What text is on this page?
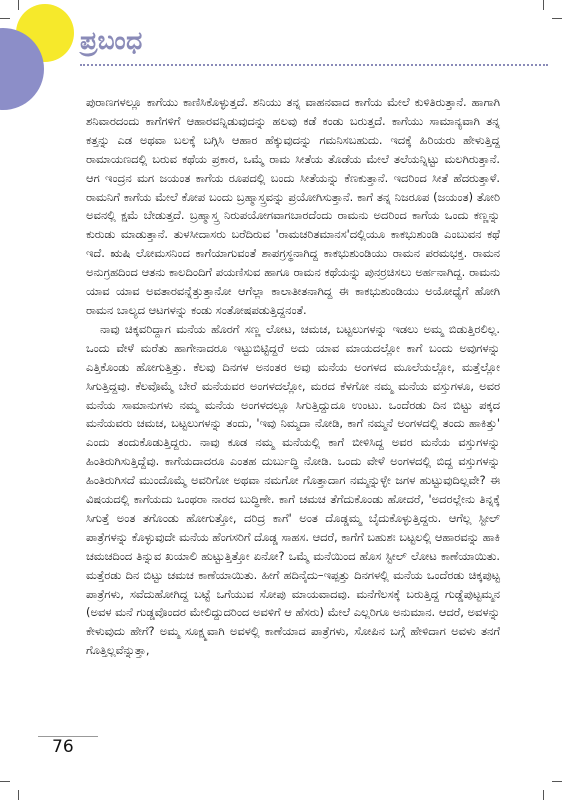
ಪ್ರಬಂಧ

ಪುರಾಣಗಳಲ್ಲೂ ಕಾಗೆಯು ಕಾಣಿಸಿಕೊಳ್ಳುತ್ತದೆ. ಶನಿಯು ತನ್ನ ವಾಹನವಾದ ಕಾಗೆಯ ಮೇಲೆ ಕುಳಿತಿರುತ್ತಾನೆ. ಹಾಗಾಗಿ ಶನಿವಾರದಂದು ಕಾಗೆಗಳಿಗೆ ಆಹಾರವನ್ನಿಡುವುದನ್ನು ಹಲವು ಕಡೆ ಕಂಡು ಬರುತ್ತದೆ. ಕಾಗೆಯು ಸಾಮಾನ್ಯವಾಗಿ ತನ್ನ ಕತ್ತನ್ನು ಎಡ ಅಥವಾ ಬಲಕ್ಕೆ ಬಗ್ಗಿಸಿ ಆಹಾರ ಹೆಕ್ಕುವುದನ್ನು ಗಮನಿಸಬಹುದು. ಇದಕ್ಕೆ ಹಿರಿಯರು ಹೇಳುತ್ತಿದ್ದ ರಾಮಾಯಣದಲ್ಲಿ ಬರುವ ಕಥೆಯ ಪ್ರಕಾರ, ಒಮ್ಮೆ ರಾಮ ಸೀತೆಯ ತೊಡೆಯ ಮೇಲೆ ತಲೆಯನ್ನಿಟ್ಟು ಮಲಗಿರುತ್ತಾನೆ. ಆಗ ಇಂದ್ರನ ಮಗ ಜಯಂತ ಕಾಗೆಯ ರೂಪದಲ್ಲಿ ಬಂದು ಸೀತೆಯನ್ನು ಕೆಣಕುತ್ತಾನೆ. ಇದರಿಂದ ಸೀತೆ ಹೆದರುತ್ತಾಳೆ. ರಾಮನಿಗೆ ಕಾಗೆಯ ಮೇಲೆ ಕೋಪ ಬಂದು ಬ್ರಹ್ಮಾಸ್ತ್ರವನ್ನು ಪ್ರಯೋಗಿಸುತ್ತಾನೆ. ಕಾಗೆ ತನ್ನ ನಿಜರೂಪ (ಜಯಂತ) ತೋರಿ ಅವನಲ್ಲಿ ಕ್ಷಮೆ ಬೇಡುತ್ತದೆ. ಬ್ರಹ್ಮಾಸ್ತ್ರ ನಿರುಪಯೋಗವಾಗಬಾರದೆಂದು ರಾಮನು ಅದರಿಂದ ಕಾಗೆಯ ಒಂದು ಕಣ್ಣನ್ನು ಕುರುಡು ಮಾಡುತ್ತಾನೆ. ತುಳಸೀದಾಸರು ಬರೆದಿರುವ 'ರಾಮಚರಿತಮಾನಸ'ದಲ್ಲಿಯೂ ಕಾಕಭುಶುಂಡಿ ಎಂಬುವನ ಕಥೆ ಇದೆ. ಋಷಿ ಲೋಮಸನಿಂದ ಕಾಗೆಯಾಗುವಂತೆ ಶಾಪಗ್ರಸ್ಥನಾಗಿದ್ದ ಕಾಕಭುಶುಂಡಿಯು ರಾಮನ ಪರಮಭಕ್ತ. ರಾಮನ ಅನುಗ್ರಹದಿಂದ ಆತನು ಕಾಲದಿಂದಿಗೆ ಪಯಣಿಸುವ ಹಾಗೂ ರಾಮನ ಕಥೆಯನ್ನು ಪುನರ್ರಚಿಸಲು ಅರ್ಹನಾಗಿದ್ದ. ರಾಮನು ಯಾವ ಯಾವ ಅವತಾರವನ್ನೆತ್ತುತ್ತಾನೋ ಆಗೆಲ್ಲಾ ಕಾಲಾತೀತನಾಗಿದ್ದ ಈ ಕಾಕಭುಶುಂಡಿಯು ಅಯೋಧ್ಯೆಗೆ ಹೋಗಿ ರಾಮನ ಬಾಲ್ಯದ ಆಟಗಳನ್ನು ಕಂಡು ಸಂತೋಷಪಡುತ್ತಿದ್ದನಂತೆ.

ನಾವು ಚಿಕ್ಕವರಿದ್ದಾಗ ಮನೆಯ ಹೊರಗೆ ಸಣ್ಣ ಲೋಟ, ಚಮಚ, ಬಟ್ಟಲುಗಳನ್ನು ಇಡಲು ಅಮ್ಮ ಬಿಡುತ್ತಿರಲಿಲ್ಲ. ಒಂದು ವೇಳೆ ಮರೆತು ಹಾಗೇನಾದರೂ ಇಟ್ಟುಬಿಟ್ಟಿದ್ದರೆ ಅದು ಯಾವ ಮಾಯದಲ್ಲೋ ಕಾಗೆ ಬಂದು ಅವುಗಳನ್ನು ಎತ್ತಿಕೊಂಡು ಹೋಗುತ್ತಿತ್ತು. ಕೆಲವು ದಿನಗಳ ಅನಂತರ ಅವು ಮನೆಯ ಅಂಗಳದ ಮೂಲೆಯಲ್ಲೋ, ಮತ್ತೆಲ್ಲೋ ಸಿಗುತ್ತಿದ್ದವು. ಕೆಲವೊಮ್ಮೆ ಬೇರೆ ಮನೆಯವರ ಅಂಗಳದಲ್ಲೋ, ಮರದ ಕೆಳಗೋ ನಮ್ಮ ಮನೆಯ ವಸ್ತುಗಳೂ, ಅವರ ಮನೆಯ ಸಾಮಾನುಗಳು ನಮ್ಮ ಮನೆಯ ಅಂಗಳದಲ್ಲೂ ಸಿಗುತ್ತಿದ್ದುದೂ ಉಂಟು. ಒಂದೆರಡು ದಿನ ಬಿಟ್ಟು ಪಕ್ಕದ ಮನೆಯವರು ಚಮಚ, ಬಟ್ಟಲುಗಳನ್ನು ತಂದು, 'ಇವು ನಿಮ್ಮದಾ ನೋಡಿ, ಕಾಗೆ ನಮ್ಮನೆ ಅಂಗಳದಲ್ಲಿ ತಂದು ಹಾಕಿತ್ತು' ಎಂದು ತಂದುಕೊಡುತ್ತಿದ್ದರು. ನಾವು ಕೂಡ ನಮ್ಮ ಮನೆಯಲ್ಲಿ ಕಾಗೆ ಬೀಳಿಸಿದ್ದ ಅವರ ಮನೆಯ ವಸ್ತುಗಳನ್ನು ಹಿಂತಿರುಗಿಸುತ್ತಿದ್ದೆವು. ಕಾಗೆಯದಾದರೂ ಎಂತಹ ದುರ್ಬುದ್ಧಿ ನೋಡಿ. ಒಂದು ವೇಳೆ ಅಂಗಳದಲ್ಲಿ ಬಿದ್ದ ವಸ್ತುಗಳನ್ನು ಹಿಂತಿರುಗಿಸದೆ ಮುಂದೊಮ್ಮೆ ಅವರಿಗೋ ಅಥವಾ ನಮಗೋ ಗೊತ್ತಾದಾಗ ನಮ್ಮನ್ನುಳ್ಳೇ ಜಗಳ ಹುಟ್ಟುವುದಿಲ್ಲವೇ? ಈ ವಿಷಯದಲ್ಲಿ ಕಾಗೆಯದು ಒಂಥರಾ ನಾರದ ಬುದ್ಧಿಣೇ. ಕಾಗೆ ಚಮಚ ತೆಗೆದುಕೊಂಡು ಹೋದರೆ, 'ಅದರಲ್ಲೇನು ತಿನ್ನಕ್ಕೆ ಸಿಗುತ್ತೆ ಅಂತ ತಗೊಂಡು ಹೋಗುತ್ತೋ, ದರಿದ್ರ ಕಾಗೆ' ಅಂತ ದೊಡ್ಡಮ್ಮ ಬೈದುಕೊಳ್ಳುತ್ತಿದ್ದರು. ಆಗೆಲ್ಲ ಸ್ಟೀಲ್ ಪಾತ್ರೆಗಳನ್ನು ಕೊಳ್ಳುವುದೇ ಮನೆಯ ಹೆಂಗಸರಿಗೆ ದೊಡ್ಡ ಸಾಹಸ. ಆದರೆ, ಕಾಗೆಗೆ ಬಹುಶಃ ಬಟ್ಟಲಲ್ಲಿ ಆಹಾರವನ್ನು ಹಾಕಿ ಚಮಚದಿಂದ ತಿನ್ನುವ ಖಯಾಲಿ ಹುಟ್ಟುತ್ತಿತ್ತೋ ಏನೋ? ಒಮ್ಮೆ ಮನೆಯಿಂದ ಹೊಸ ಸ್ಟೀಲ್ ಲೋಟ ಕಾಣೆಯಾಯಿತು. ಮತ್ತೆರಡು ದಿನ ಬಿಟ್ಟು ಚಮಚ ಕಾಣೆಯಾಯಿತು. ಹೀಗೆ ಹದಿನೈದು–ಇಪ್ಪತ್ತು ದಿನಗಳಲ್ಲಿ ಮನೆಯ ಒಂದೆರಡು ಚಿಕ್ಕಪುಟ್ಟ ಪಾತ್ರೆಗಳು, ಸವೆದುಹೋಗಿದ್ದ ಬಟ್ಟೆ ಒಗೆಯುವ ಸೋಪು ಮಾಯವಾದವು. ಮನೆಗೆಲಸಕ್ಕೆ ಬರುತ್ತಿದ್ದ ಗುಡ್ಡೆಪುಟ್ಟಮ್ಮನ (ಅವಳ ಮನೆ ಗುಡ್ಡವೊಂದರ ಮೇಲಿದ್ದುದರಿಂದ ಅವಳಿಗೆ ಆ ಹೆಸರು) ಮೇಲೆ ಎಲ್ಲರಿಗೂ ಅನುಮಾನ. ಆದರೆ, ಅವಳನ್ನು ಕೇಳುವುದು ಹೇಗೆ? ಅಮ್ಮ ಸೂಕ್ಷ್ಮವಾಗಿ ಅವಳಲ್ಲಿ ಕಾಣೆಯಾದ ಪಾತ್ರೆಗಳು, ಸೋಪಿನ ಬಗ್ಗೆ ಹೇಳಿದಾಗ ಅವಳು ತನಗೆ ಗೊತ್ತಿಲ್ಲವೆನ್ನುತ್ತಾ,

76
